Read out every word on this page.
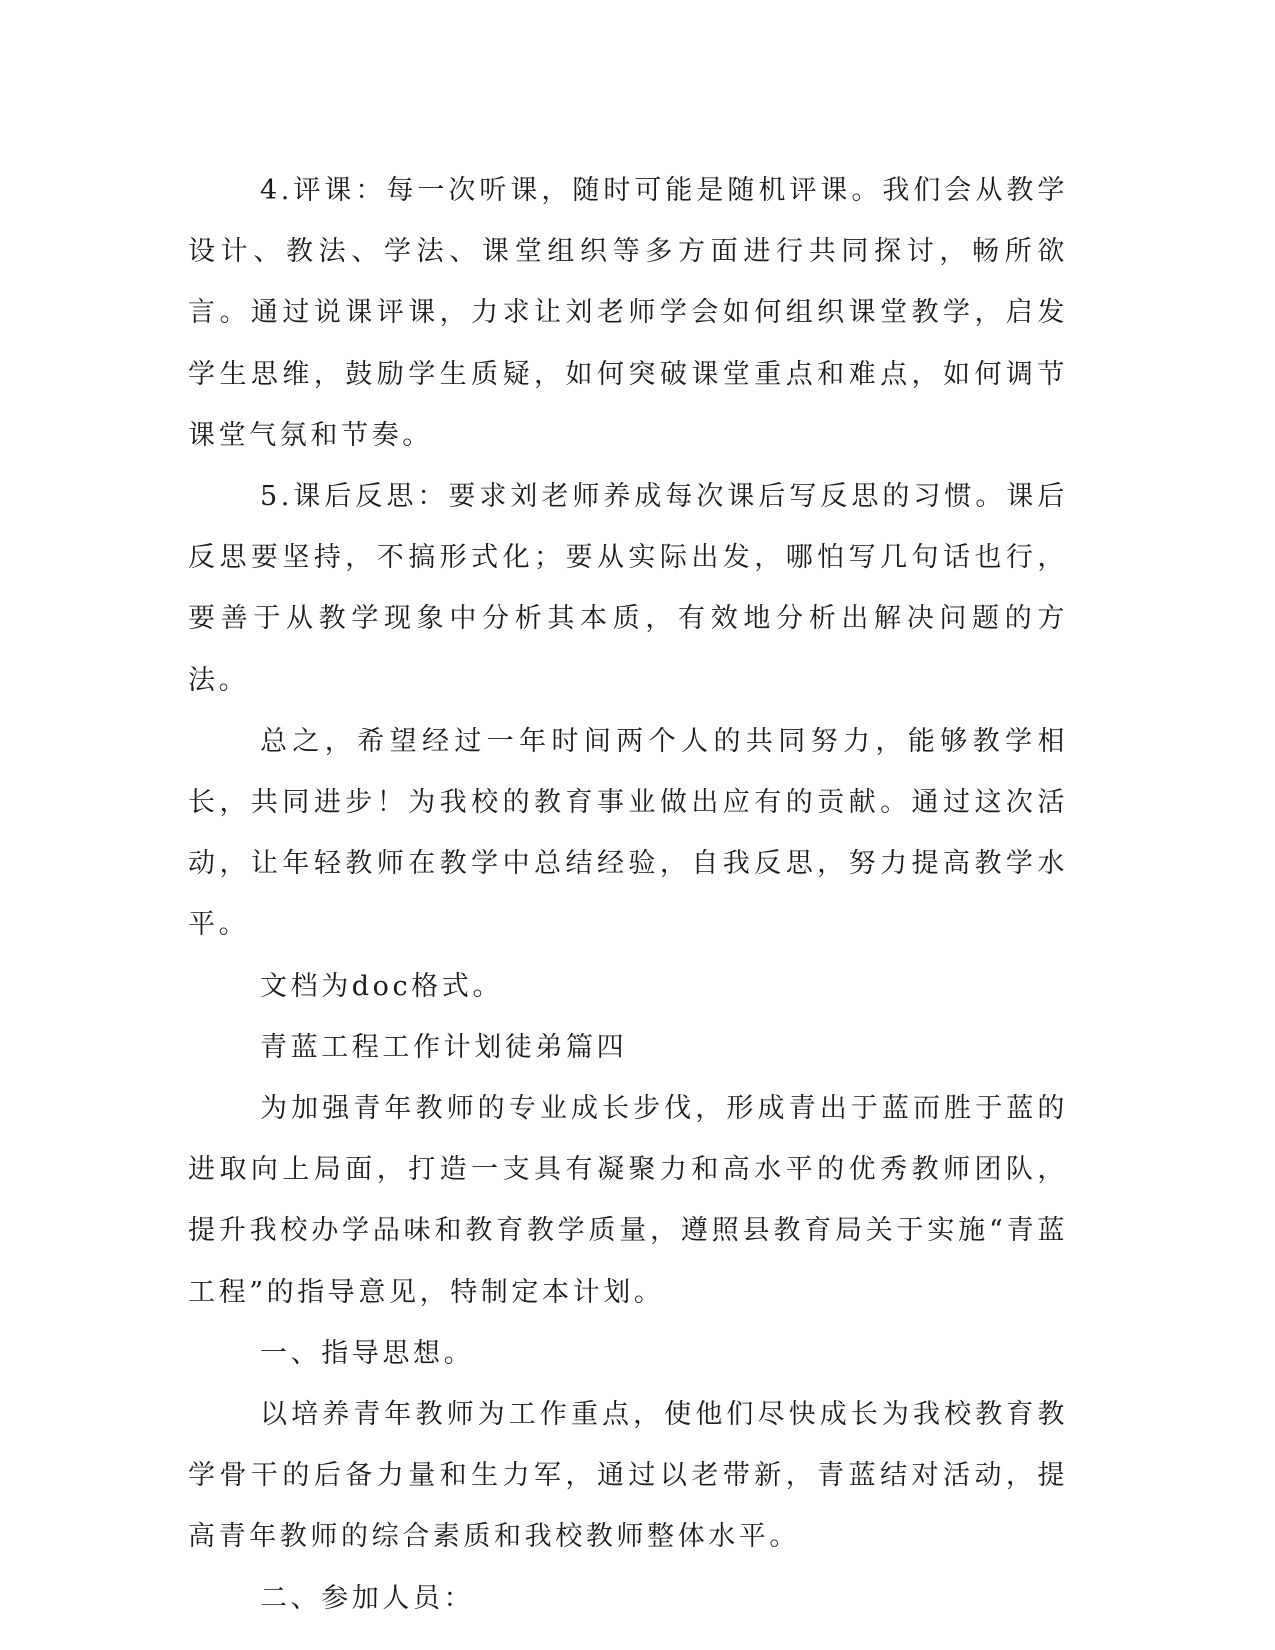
4.评课：每一次听课，随时可能是随机评课。我们会从教学设计、教法、学法、课堂组织等多方面进行共同探讨，畅所欲言。通过说课评课，力求让刘老师学会如何组织课堂教学，启发学生思维，鼓励学生质疑，如何突破课堂重点和难点，如何调节课堂气氛和节奏。

5.课后反思：要求刘老师养成每次课后写反思的习惯。课后反思要坚持，不搞形式化；要从实际出发，哪怕写几句话也行，要善于从教学现象中分析其本质，有效地分析出解决问题的方法。

总之，希望经过一年时间两个人的共同努力，能够教学相长，共同进步！为我校的教育事业做出应有的贡献。通过这次活动，让年轻教师在教学中总结经验，自我反思，努力提高教学水平。

文档为doc格式。

青蓝工程工作计划徒弟篇四

为加强青年教师的专业成长步伐，形成青出于蓝而胜于蓝的进取向上局面，打造一支具有凝聚力和高水平的优秀教师团队，提升我校办学品味和教育教学质量，遵照县教育局关于实施“青蓝工程”的指导意见，特制定本计划。

一、指导思想。

以培养青年教师为工作重点，使他们尽快成长为我校教育教学骨干的后备力量和生力军，通过以老带新，青蓝结对活动，提高青年教师的综合素质和我校教师整体水平。

二、参加人员：
